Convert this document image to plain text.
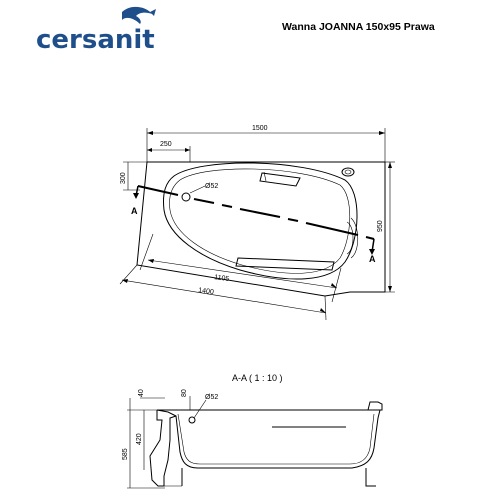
cersanit	Wanna JOANNA 150x95 Prawa
1500
250
300
950
Ø52
A
A
1105
1400
A-A ( 1 : 10 )
40
420
585
80
Ø52
